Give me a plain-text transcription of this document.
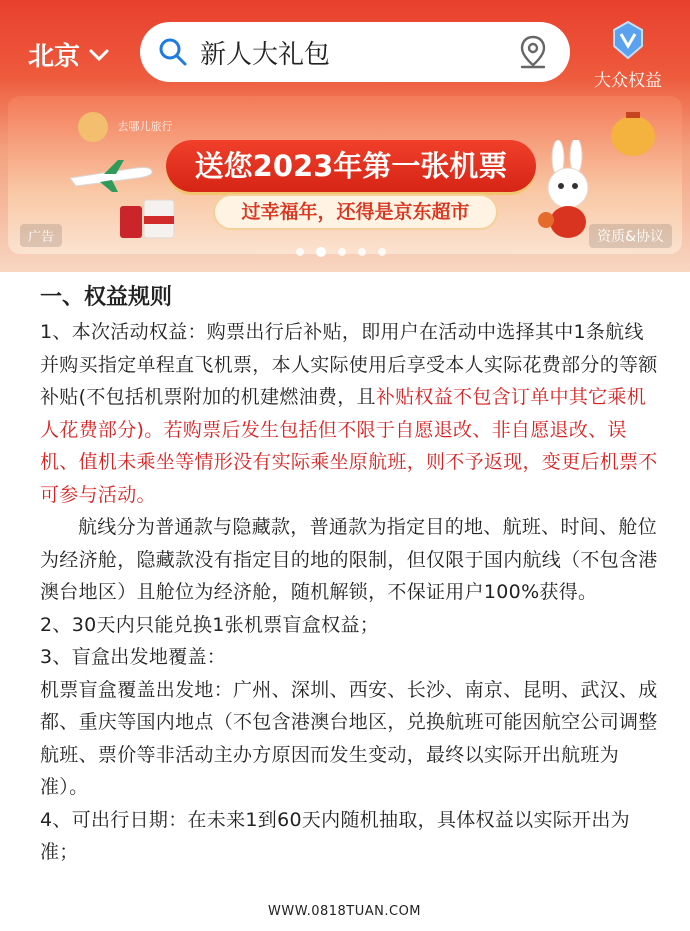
北京	新人大礼包
大众权益
去哪儿旅行
送您2023年第一张机票
过幸福年，还得是京东超市
广告	资质&协议
一、权益规则

1、本次活动权益：购票出行后补贴，即用户在活动中选择其中1条航线并购买指定单程直飞机票，本人实际使用后享受本人实际花费部分的等额补贴(不包括机票附加的机建燃油费，且补贴权益不包含订单中其它乘机人花费部分)。若购票后发生包括但不限于自愿退改、非自愿退改、误机、值机未乘坐等情形没有实际乘坐原航班，则不予返现，变更后机票不可参与活动。

航线分为普通款与隐藏款，普通款为指定目的地、航班、时间、舱位为经济舱，隐藏款没有指定目的地的限制，但仅限于国内航线（不包含港澳台地区）且舱位为经济舱，随机解锁，不保证用户100%获得。

2、30天内只能兑换1张机票盲盒权益；

3、盲盒出发地覆盖：

机票盲盒覆盖出发地：广州、深圳、西安、长沙、南京、昆明、武汉、成都、重庆等国内地点（不包含港澳台地区，兑换航班可能因航空公司调整航班、票价等非活动主办方原因而发生变动，最终以实际开出航班为准）。

4、可出行日期：在未来1到60天内随机抽取，具体权益以实际开出为准；

WWW.0818TUAN.COM
